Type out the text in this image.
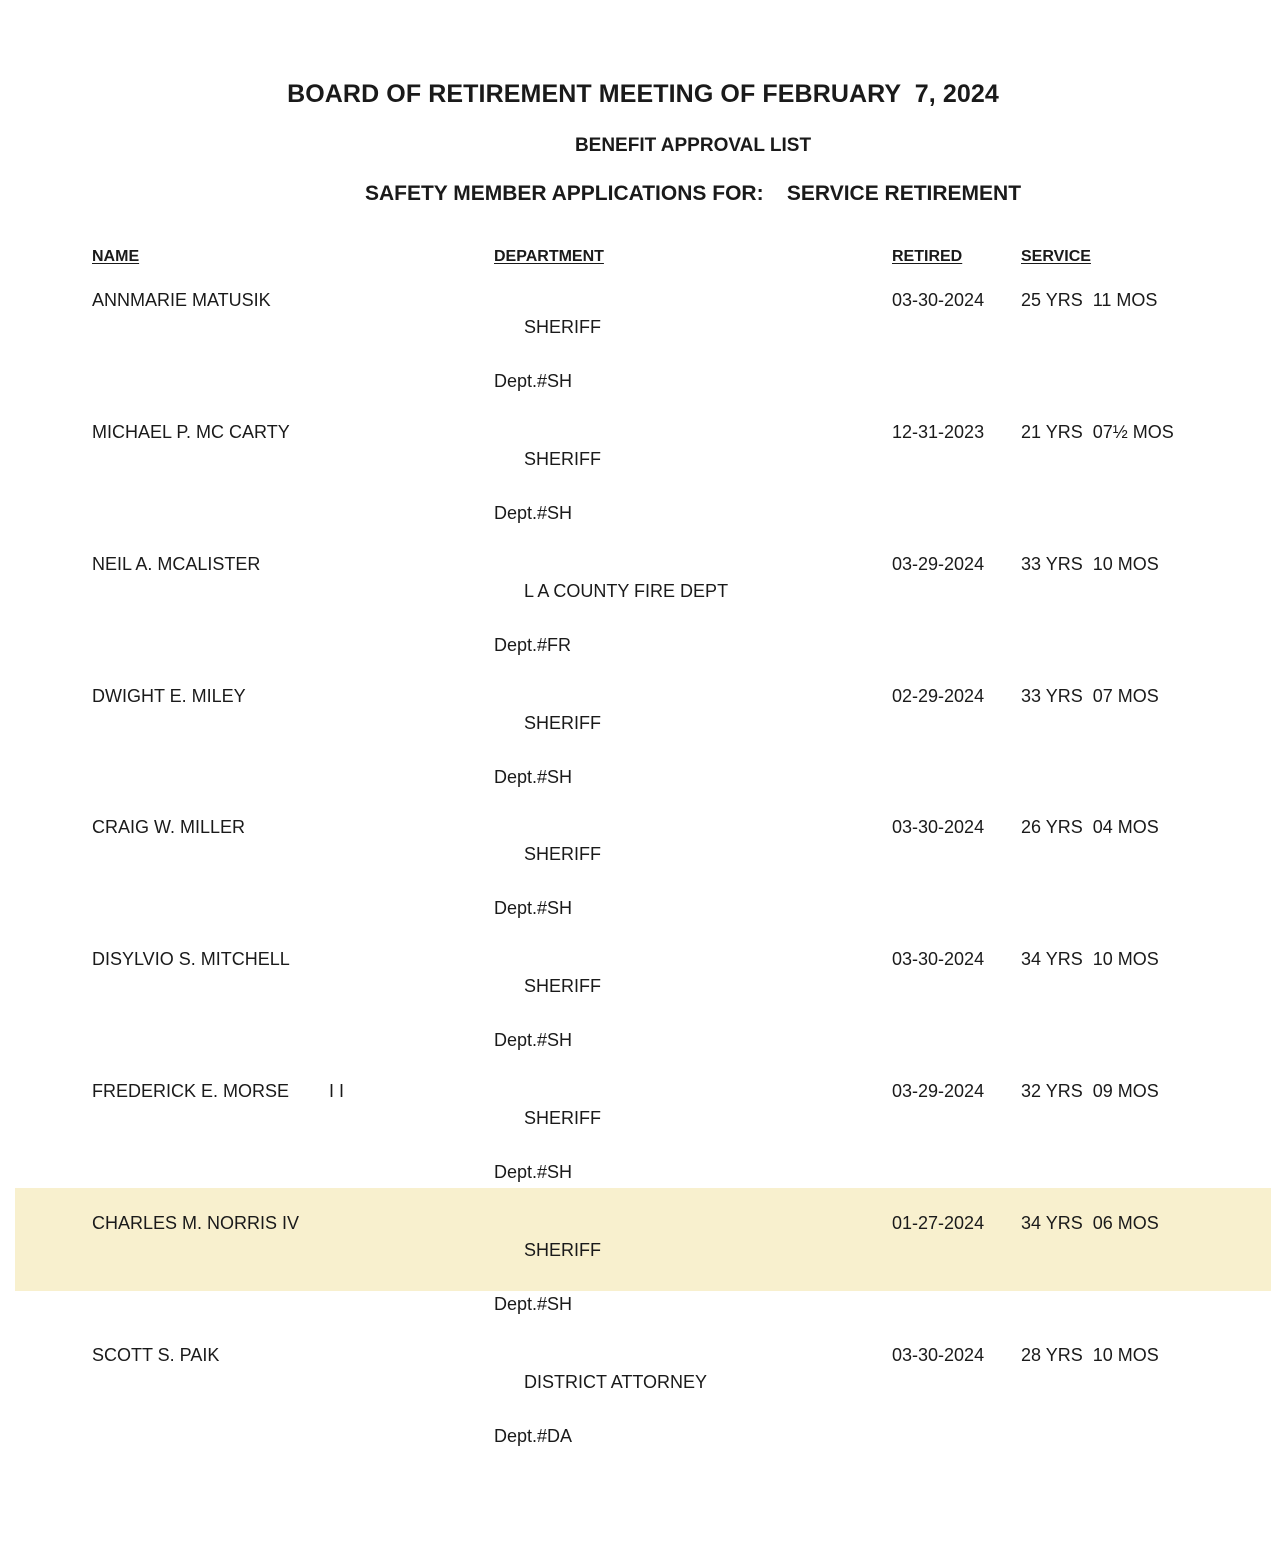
BOARD OF RETIREMENT MEETING OF FEBRUARY  7, 2024
BENEFIT APPROVAL LIST
SAFETY MEMBER APPLICATIONS FOR:    SERVICE RETIREMENT
NAME	DEPARTMENT	RETIRED	SERVICE
ANNMARIE MATUSIK

SHERIFF

Dept.#SH

03-30-2024 25 YRS  11 MOS
MICHAEL P. MC CARTY

SHERIFF

Dept.#SH

12-31-2023 21 YRS  07½ MOS
NEIL A. MCALISTER

L A COUNTY FIRE DEPT

Dept.#FR

03-29-2024 33 YRS  10 MOS
DWIGHT E. MILEY

SHERIFF

Dept.#SH

02-29-2024 33 YRS  07 MOS
CRAIG W. MILLER

SHERIFF

Dept.#SH

03-30-2024 26 YRS  04 MOS
DISYLVIO S. MITCHELL

SHERIFF

Dept.#SH

03-30-2024 34 YRS  10 MOS
FREDERICK E. MORSE        I I

SHERIFF

Dept.#SH

03-29-2024 32 YRS  09 MOS
CHARLES M. NORRIS IV

SHERIFF

Dept.#SH

01-27-2024 34 YRS  06 MOS
SCOTT S. PAIK

DISTRICT ATTORNEY

Dept.#DA

03-30-2024 28 YRS  10 MOS
